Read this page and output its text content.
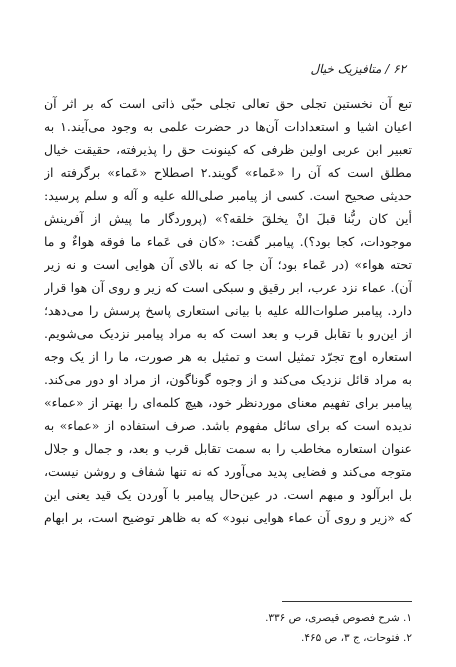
۶۲ / متافیزیک خیال
تبع آن نخستین تجلی حق تعالی تجلی حبّی ذاتی است که بر اثر آن
اعیان اشیا و استعدادات آن‌ها در حضرت علمی به وجود می‌آیند.۱ به
تعبیر ابن عربی اولین ظرفی که کینونت حق را پذیرفته، حقیقت خیال
مطلق است که آن را «عَماء» گویند.۲ اصطلاح «عَماء» برگرفته از
حدیثی صحیح است. کسی از پیامبر صلی‌الله علیه و آله و سلم پرسید:
أین کان ربُّنا قبلَ انْ یخلقَ خلقه؟» (پروردگار ما پیش از آفرینش
موجودات، کجا بود؟). پیامبر گفت: «کان فی عَماء ما فوقه هواءٌ و ما
تحته هواء» (در عَماء بود؛ آن جا که نه بالای آن هوایی است و نه زیر
آن). عماء نزد عرب، ابر رقیق و سبکی است که زیر و روی آن هوا قرار
دارد. پیامبر صلوات‌الله علیه با بیانی استعاری پاسخ پرسش را می‌دهد؛
از این‌رو با تقابل قرب و بعد است که به مراد پیامبر نزدیک می‌شویم.
استعاره اوج تجرّد تمثیل است و تمثیل به هر صورت، ما را از یک وجه
به مراد قائل نزدیک می‌کند و از وجوه گوناگون، از مراد او دور می‌کند.
پیامبر برای تفهیم معنای موردنظر خود، هیچ کلمه‌ای را بهتر از «عماء»
ندیده است که برای سائل مفهوم باشد. صرف استفاده از «عماء» به
عنوان استعاره مخاطب را به سمت تقابل قرب و بعد، و جمال و جلال
متوجه می‌کند و فضایی پدید می‌آورد که نه تنها شفاف و روشن نیست،
بل ابرآلود و مبهم است. در عین‌حال پیامبر با آوردن یک قید یعنی این
که «زیر و روی آن عماء هوایی نبود» که به ظاهر توضیح است، بر ابهام
۱. شرح فصوص قیصری، ص ۳۳۶.
۲. فتوحات، ج ۳، ص ۴۶۵.
